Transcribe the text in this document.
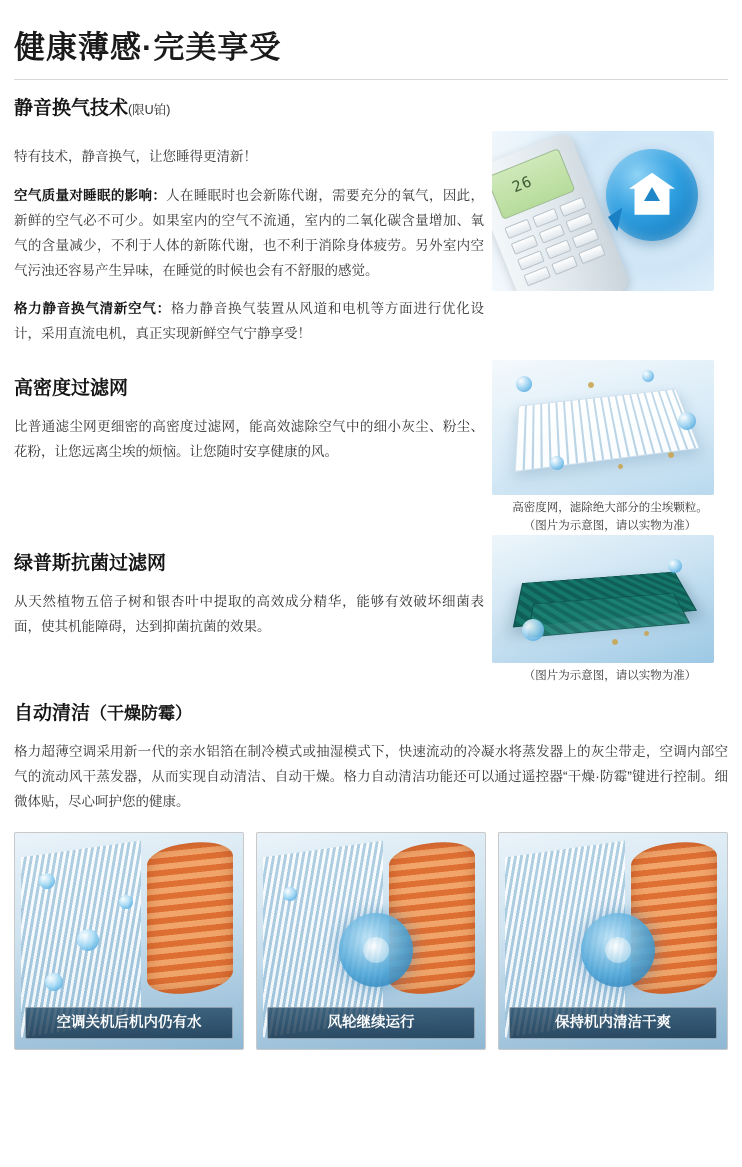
健康薄感·完美享受
静音换气技术(限U铂)

特有技术，静音换气，让您睡得更清新！

空气质量对睡眠的影响：人在睡眠时也会新陈代谢，需要充分的氧气，因此，新鲜的空气必不可少。如果室内的空气不流通，室内的二氧化碳含量增加、氧气的含量减少，不利于人体的新陈代谢，也不利于消除身体疲劳。另外室内空气污浊还容易产生异味，在睡觉的时候也会有不舒服的感觉。

格力静音换气清新空气：格力静音换气装置从风道和电机等方面进行优化设计，采用直流电机，真正实现新鲜空气宁静享受！

26
高密度过滤网

比普通滤尘网更细密的高密度过滤网，能高效滤除空气中的细小灰尘、粉尘、花粉，让您远离尘埃的烦恼。让您随时安享健康的风。

高密度网，滤除绝大部分的尘埃颗粒。
（图片为示意图，请以实物为准）
绿普斯抗菌过滤网

从天然植物五倍子树和银杏叶中提取的高效成分精华，能够有效破坏细菌表面，使其机能障碍，达到抑菌抗菌的效果。

（图片为示意图，请以实物为准）
自动清洁（干燥防霉）

格力超薄空调采用新一代的亲水铝箔在制冷模式或抽湿模式下，快速流动的冷凝水将蒸发器上的灰尘带走，空调内部空气的流动风干蒸发器，从而实现自动清洁、自动干燥。格力自动清洁功能还可以通过遥控器“干燥·防霉”键进行控制。细微体贴，尽心呵护您的健康。

空调关机后机内仍有水	风轮继续运行	保持机内清洁干爽
